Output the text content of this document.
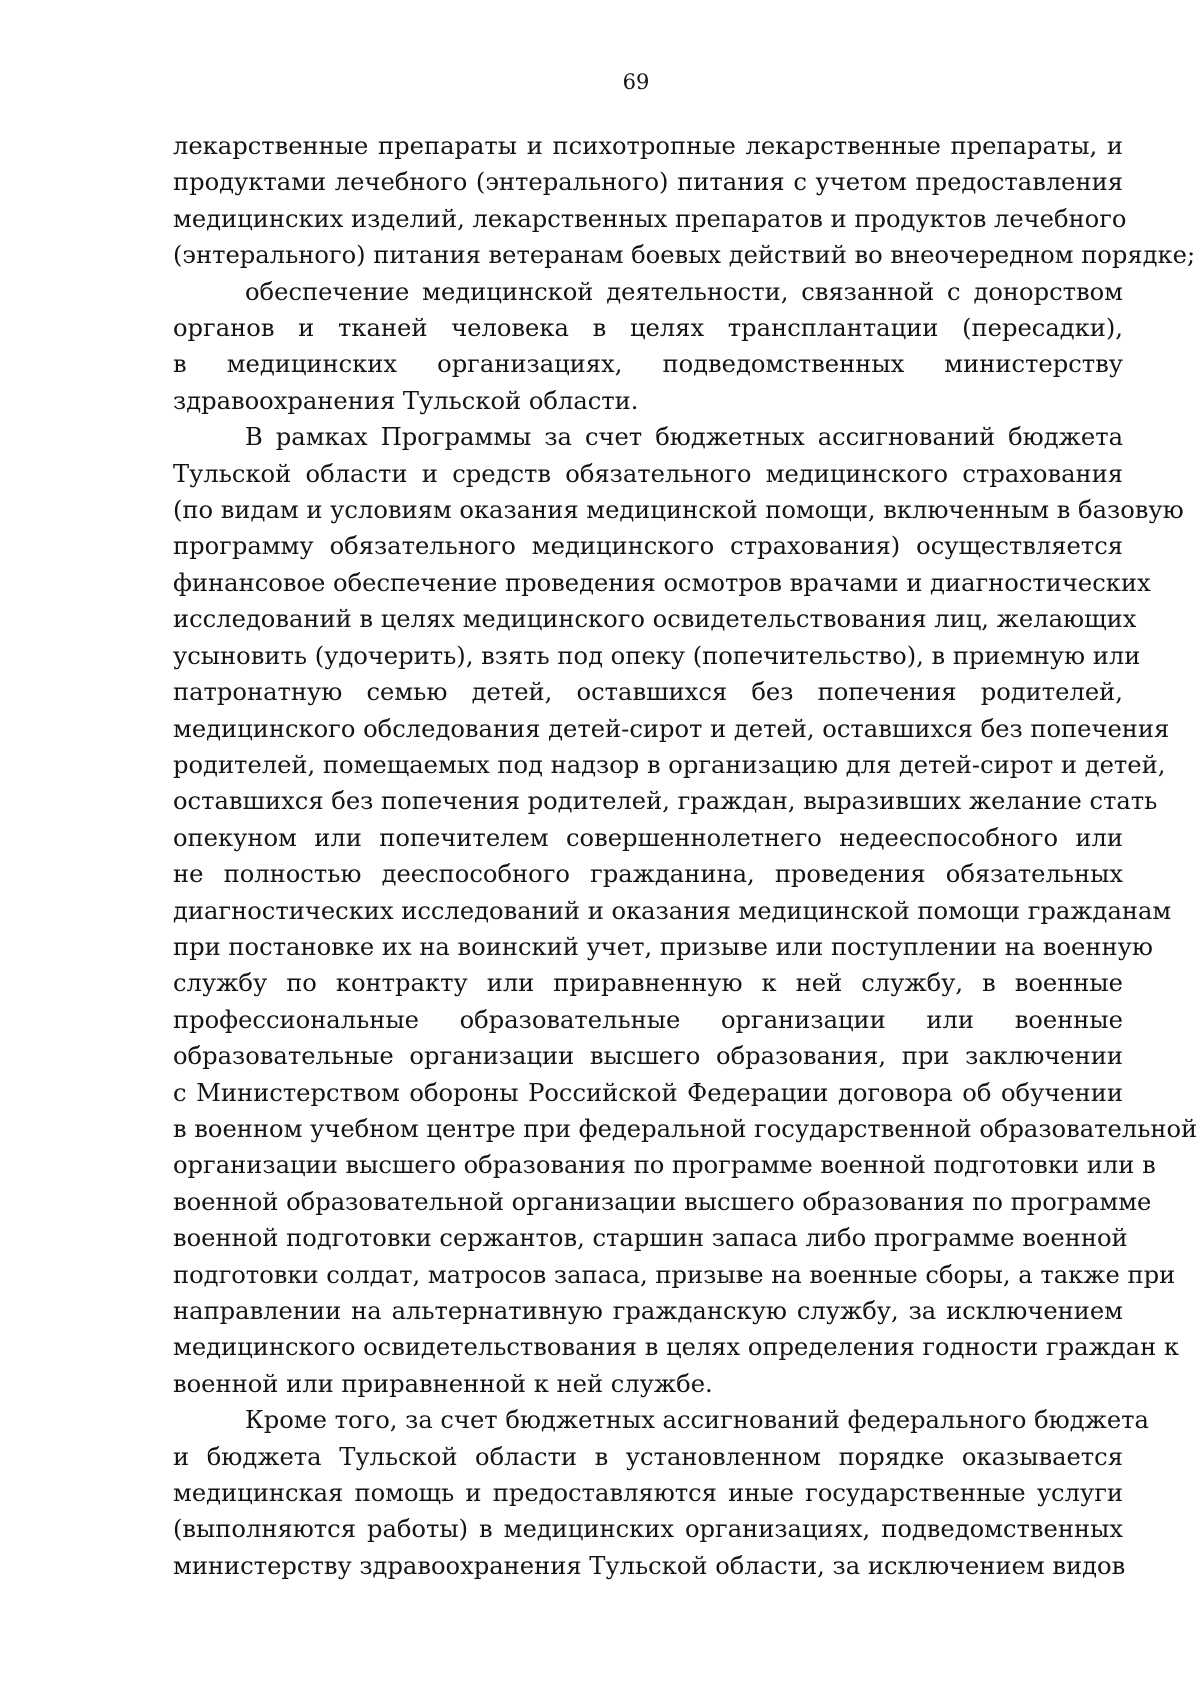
69

лекарственные препараты и психотропные лекарственные препараты, и
продуктами лечебного (энтерального) питания с учетом предоставления
медицинских изделий, лекарственных препаратов и продуктов лечебного
(энтерального) питания ветеранам боевых действий во внеочередном порядке;

обеспечение медицинской деятельности, связанной с донорством
органов и тканей человека в целях трансплантации (пересадки),
в медицинских организациях, подведомственных министерству
здравоохранения Тульской области.

В рамках Программы за счет бюджетных ассигнований бюджета
Тульской области и средств обязательного медицинского страхования
(по видам и условиям оказания медицинской помощи, включенным в базовую
программу обязательного медицинского страхования) осуществляется
финансовое обеспечение проведения осмотров врачами и диагностических
исследований в целях медицинского освидетельствования лиц, желающих
усыновить (удочерить), взять под опеку (попечительство), в приемную или
патронатную семью детей, оставшихся без попечения родителей,
медицинского обследования детей-сирот и детей, оставшихся без попечения
родителей, помещаемых под надзор в организацию для детей-сирот и детей,
оставшихся без попечения родителей, граждан, выразивших желание стать
опекуном или попечителем совершеннолетнего недееспособного или
не полностью дееспособного гражданина, проведения обязательных
диагностических исследований и оказания медицинской помощи гражданам
при постановке их на воинский учет, призыве или поступлении на военную
службу по контракту или приравненную к ней службу, в военные
профессиональные образовательные организации или военные
образовательные организации высшего образования, при заключении
с Министерством обороны Российской Федерации договора об обучении
в военном учебном центре при федеральной государственной образовательной
организации высшего образования по программе военной подготовки или в
военной образовательной организации высшего образования по программе
военной подготовки сержантов, старшин запаса либо программе военной
подготовки солдат, матросов запаса, призыве на военные сборы, а также при
направлении на альтернативную гражданскую службу, за исключением
медицинского освидетельствования в целях определения годности граждан к
военной или приравненной к ней службе.

Кроме того, за счет бюджетных ассигнований федерального бюджета
и бюджета Тульской области в установленном порядке оказывается
медицинская помощь и предоставляются иные государственные услуги
(выполняются работы) в медицинских организациях, подведомственных
министерству здравоохранения Тульской области, за исключением видов
